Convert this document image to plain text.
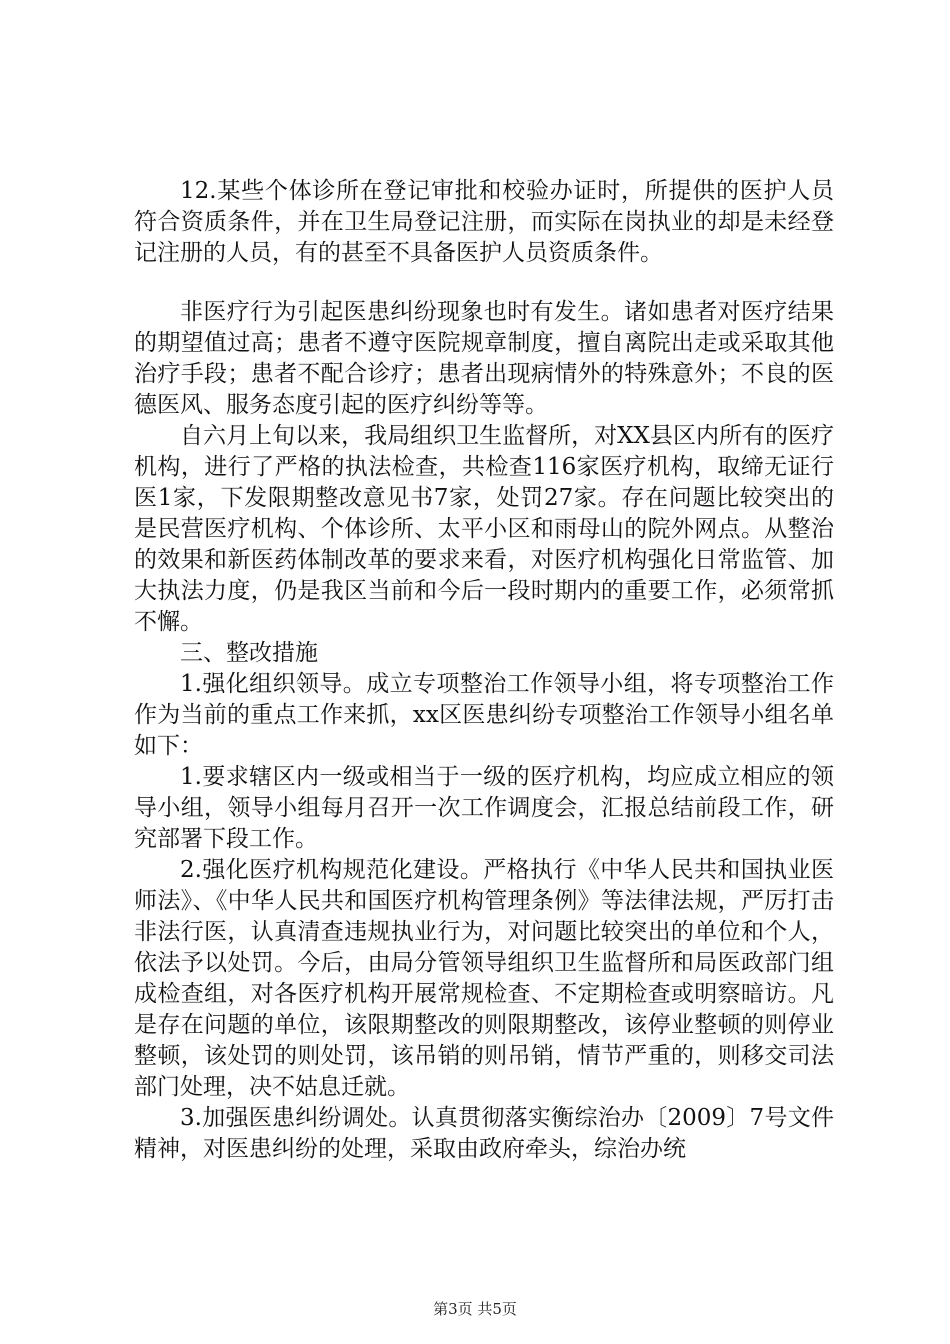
12.某些个体诊所在登记审批和校验办证时，所提供的医护人员符合资质条件，并在卫生局登记注册，而实际在岗执业的却是未经登记注册的人员，有的甚至不具备医护人员资质条件。

非医疗行为引起医患纠纷现象也时有发生。诸如患者对医疗结果的期望值过高；患者不遵守医院规章制度，擅自离院出走或采取其他治疗手段；患者不配合诊疗；患者出现病情外的特殊意外；不良的医德医风、服务态度引起的医疗纠纷等等。

自六月上旬以来，我局组织卫生监督所，对XX县区内所有的医疗机构，进行了严格的执法检查，共检查116家医疗机构，取缔无证行医1家，下发限期整改意见书7家，处罚27家。存在问题比较突出的是民营医疗机构、个体诊所、太平小区和雨母山的院外网点。从整治的效果和新医药体制改革的要求来看，对医疗机构强化日常监管、加大执法力度，仍是我区当前和今后一段时期内的重要工作，必须常抓不懈。

三、整改措施

1.强化组织领导。成立专项整治工作领导小组，将专项整治工作作为当前的重点工作来抓，xx区医患纠纷专项整治工作领导小组名单如下：

1.要求辖区内一级或相当于一级的医疗机构，均应成立相应的领导小组，领导小组每月召开一次工作调度会，汇报总结前段工作，研究部署下段工作。

2.强化医疗机构规范化建设。严格执行《中华人民共和国执业医师法》、《中华人民共和国医疗机构管理条例》等法律法规，严厉打击非法行医，认真清查违规执业行为，对问题比较突出的单位和个人，依法予以处罚。今后，由局分管领导组织卫生监督所和局医政部门组成检查组，对各医疗机构开展常规检查、不定期检查或明察暗访。凡是存在问题的单位，该限期整改的则限期整改，该停业整顿的则停业整顿，该处罚的则处罚，该吊销的则吊销，情节严重的，则移交司法部门处理，决不姑息迁就。

3.加强医患纠纷调处。认真贯彻落实衡综治办〔2009〕7号文件精神，对医患纠纷的处理，采取由政府牵头，综治办统

第3页 共5页
